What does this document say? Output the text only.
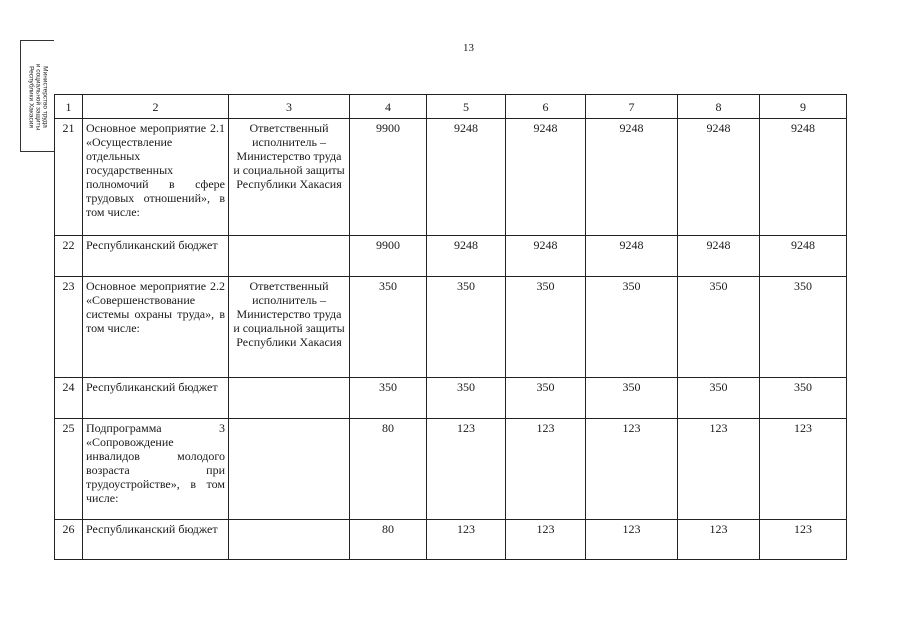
13
Министерство труда
и социальной защиты
Республики Хакасия	1	2	3	4	5	6	7	8	9
21	Основное мероприятие 2.1 «Осуществление отдельных государственных полномочий в сфере трудовых отношений», в том числе:	Ответственный исполнитель – Министерство труда и социальной защиты Республики Хакасия	9900	9248	9248	9248	9248	9248
22	Республиканский бюджет		9900	9248	9248	9248	9248	9248
23	Основное мероприятие 2.2 «Совершенствование системы охраны труда», в том числе:	Ответственный исполнитель – Министерство труда и социальной защиты Республики Хакасия	350	350	350	350	350	350
24	Республиканский бюджет		350	350	350	350	350	350
25	Подпрограмма 3 «Сопровождение инвалидов молодого возраста при трудоустройстве», в том числе:		80	123	123	123	123	123
26	Республиканский бюджет		80	123	123	123	123	123
